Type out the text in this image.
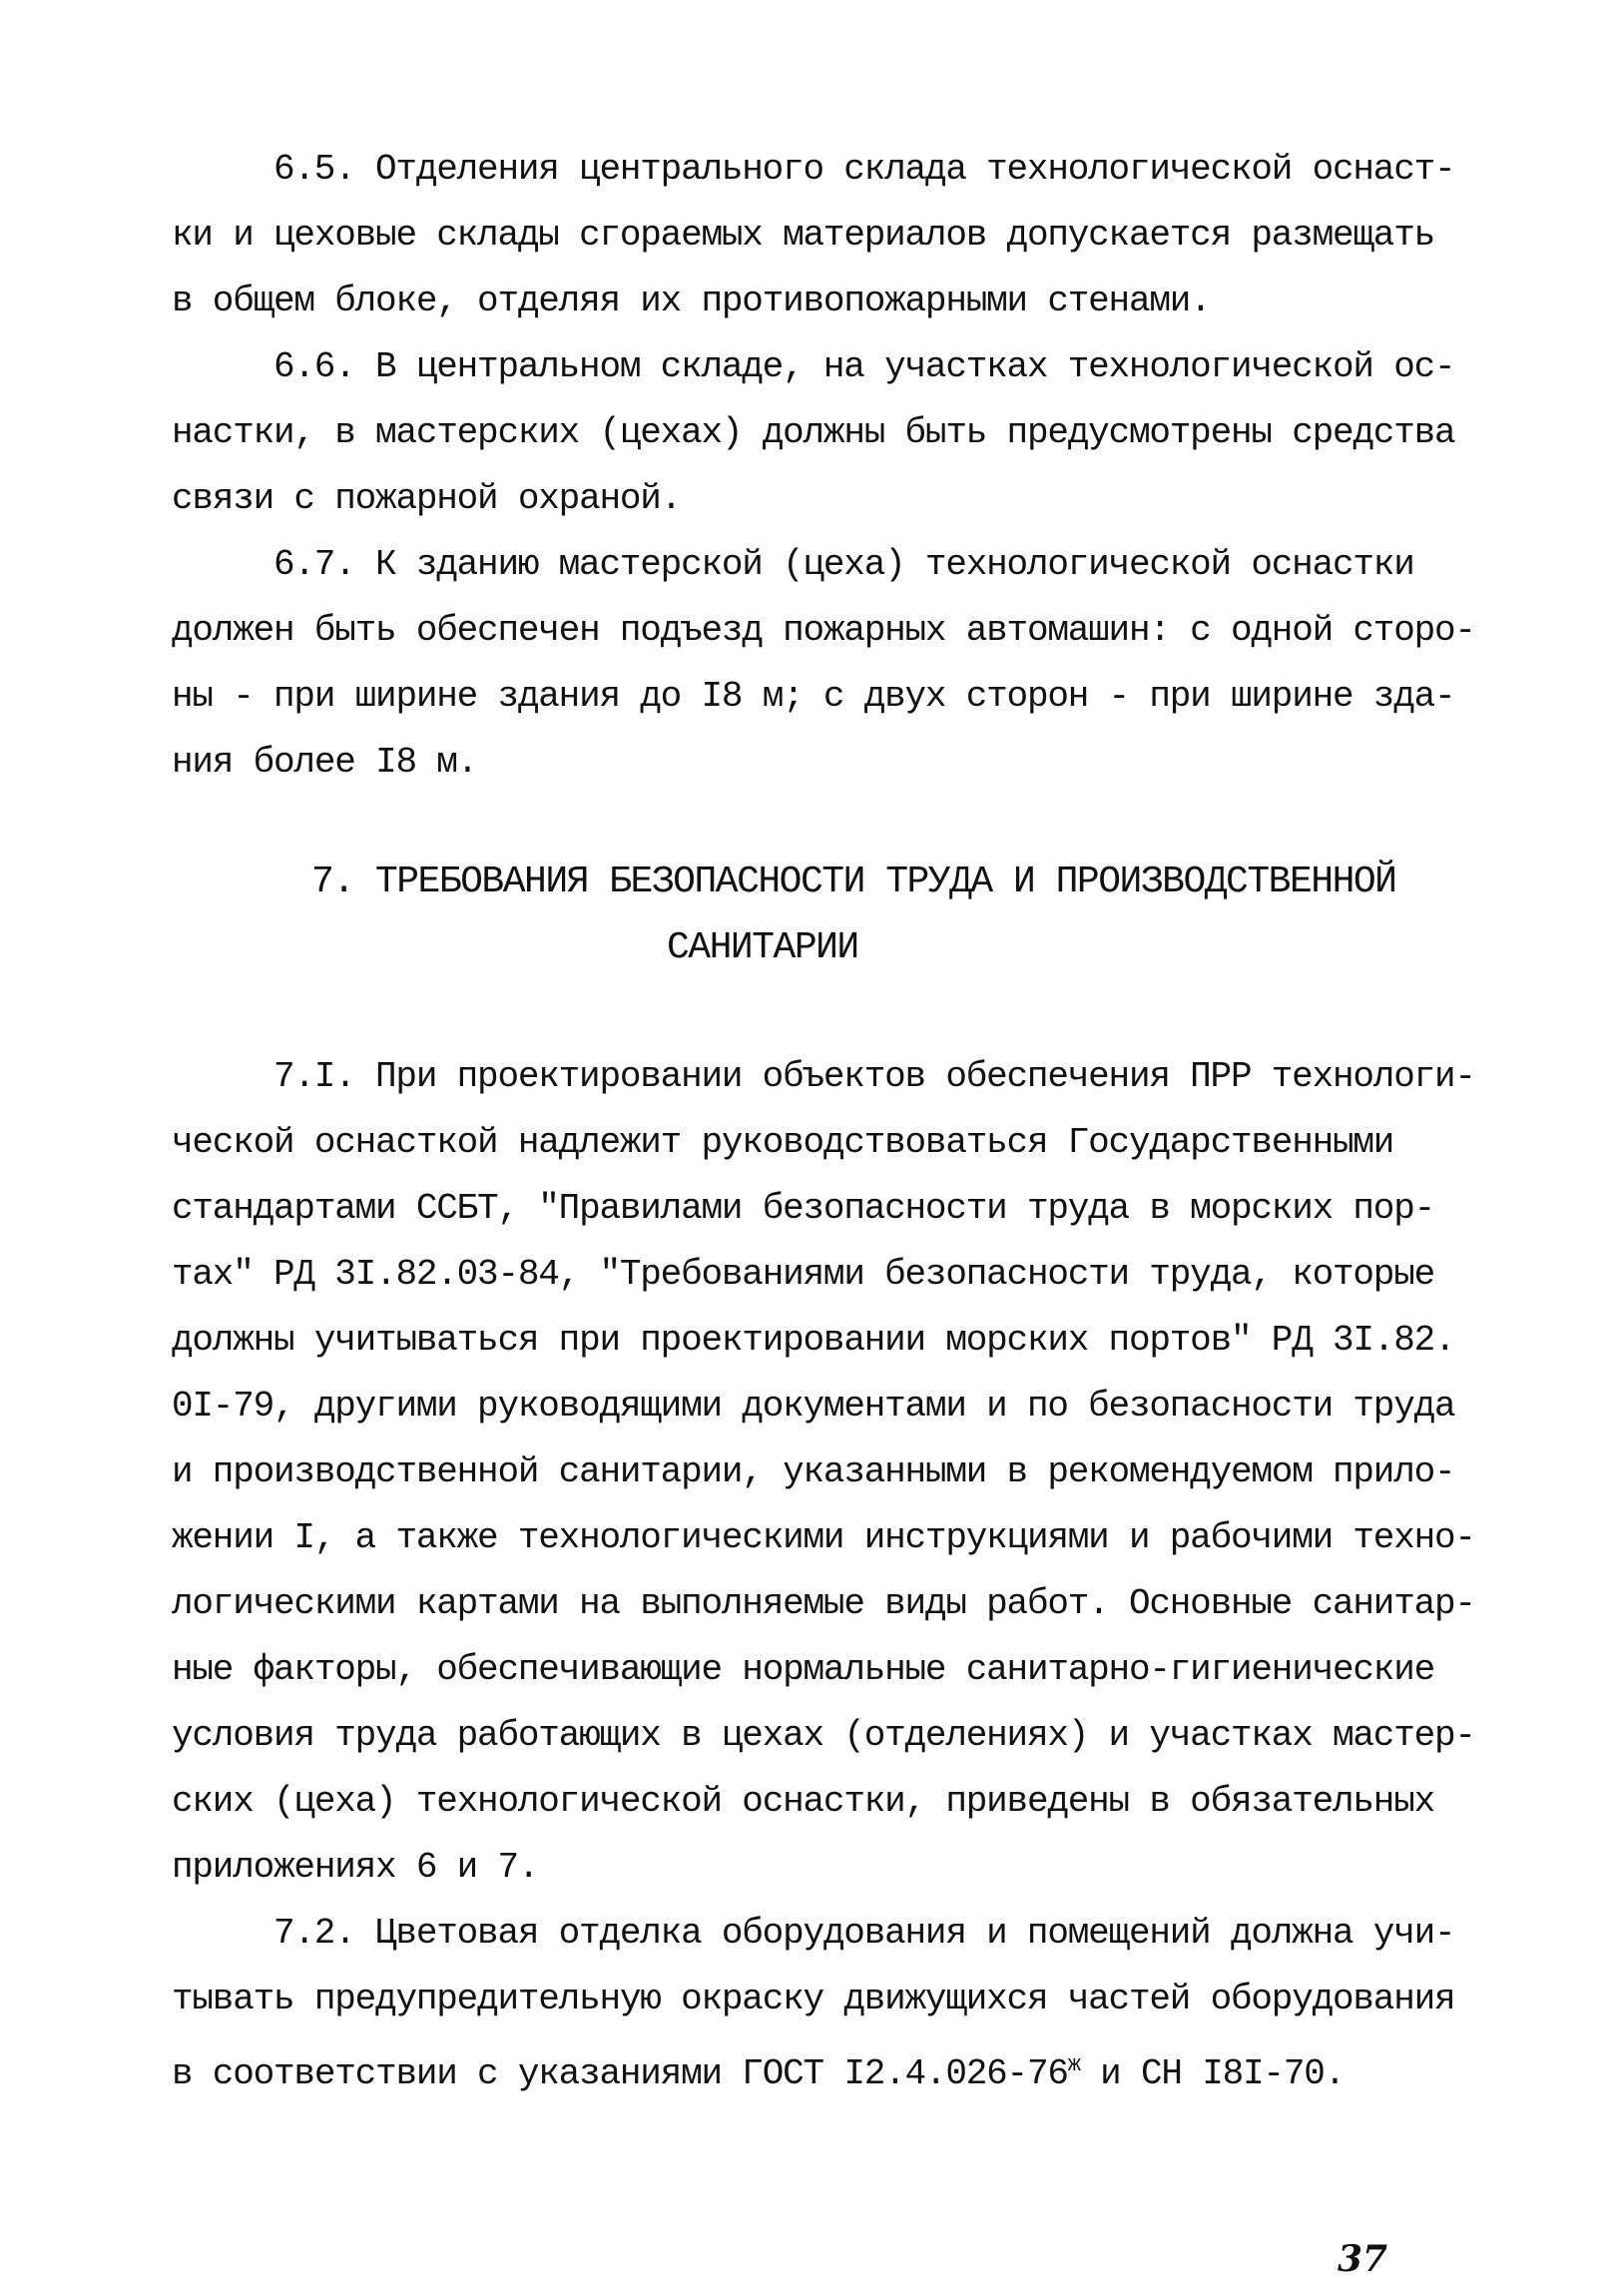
6.5. Отделения центрального склада технологической оснаст-

ки и цеховые склады сгораемых материалов допускается размещать

в общем блоке, отделяя их противопожарными стенами.

6.6. В центральном складе, на участках технологической ос-

настки, в мастерских (цехах) должны быть предусмотрены средства

связи с пожарной охраной.

6.7. К зданию мастерской (цеха) технологической оснастки

должен быть обеспечен подъезд пожарных автомашин: с одной сторо-

ны - при ширине здания до I8 м; с двух сторон - при ширине зда-

ния более I8 м.

7. ТРЕБОВАНИЯ БЕЗОПАСНОСТИ ТРУДА И ПРОИЗВОДСТВЕННОЙ

САНИТАРИИ

7.I. При проектировании объектов обеспечения ПРР технологи-

ческой оснасткой надлежит руководствоваться Государственными

стандартами ССБТ, "Правилами безопасности труда в морских пор-

тах" РД 3I.82.03-84, "Требованиями безопасности труда, которые

должны учитываться при проектировании морских портов" РД 3I.82.

0I-79, другими руководящими документами и по безопасности труда

и производственной санитарии, указанными в рекомендуемом прило-

жении I, а также технологическими инструкциями и рабочими техно-

логическими картами на выполняемые виды работ. Основные санитар-

ные факторы, обеспечивающие нормальные санитарно-гигиенические

условия труда работающих в цехах (отделениях) и участках мастер-

ских (цеха) технологической оснастки, приведены в обязательных

приложениях 6 и 7.

7.2. Цветовая отделка оборудования и помещений должна учи-

тывать предупредительную окраску движущихся частей оборудования

в соответствии с указаниями ГОСТ $I2.4.026-76^ж$ и СН I8I-70.

37
